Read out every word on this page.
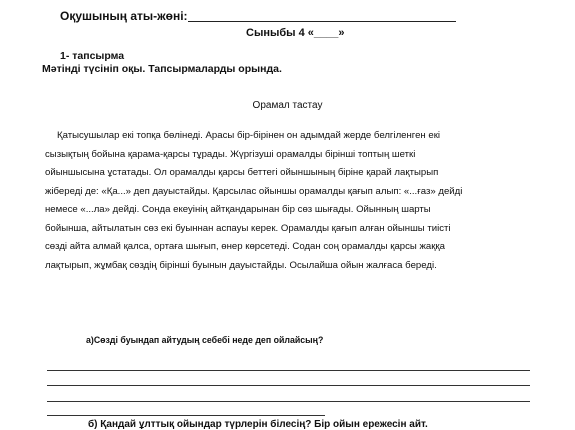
Оқушының аты-жөні:
Сыныбы 4 «____»
1- тапсырма
Мәтінді түсініп оқы. Тапсырмаларды орында.
Орамал тастау
Қатысушылар екі топқа бөлінеді. Арасы бір-бірінен он адымдай жерде белгіленген екі
сызықтың бойына қарама-қарсы тұрады. Жүргізуші орамалды бірінші топтың шеткі
ойыншысына ұстатады. Ол орамалды қарсы беттегі ойыншының біріне қарай лақтырып
жібереді де: «Қа...» деп дауыстайды. Қарсылас ойыншы орамалды қағып алып: «...ғаз» дейді
немесе «...ла» дейді. Сонда екеуінің айтқандарынан бір сөз шығады. Ойынның шарты
бойынша, айтылатын сөз екі буыннан аспауы керек. Орамалды қағып алған ойыншы тиісті
сөзді айта алмай қалса, ортаға шығып, өнер көрсетеді. Содан соң орамалды қарсы жаққа
лақтырып, жұмбақ сөздің бірінші буынын дауыстайды. Осылайша ойын жалғаса береді.
а)Сөзді буындап айтудың себебі неде деп ойлайсың?
б) Қандай ұлттық ойындар түрлерін білесің? Бір ойын ережесін айт.
